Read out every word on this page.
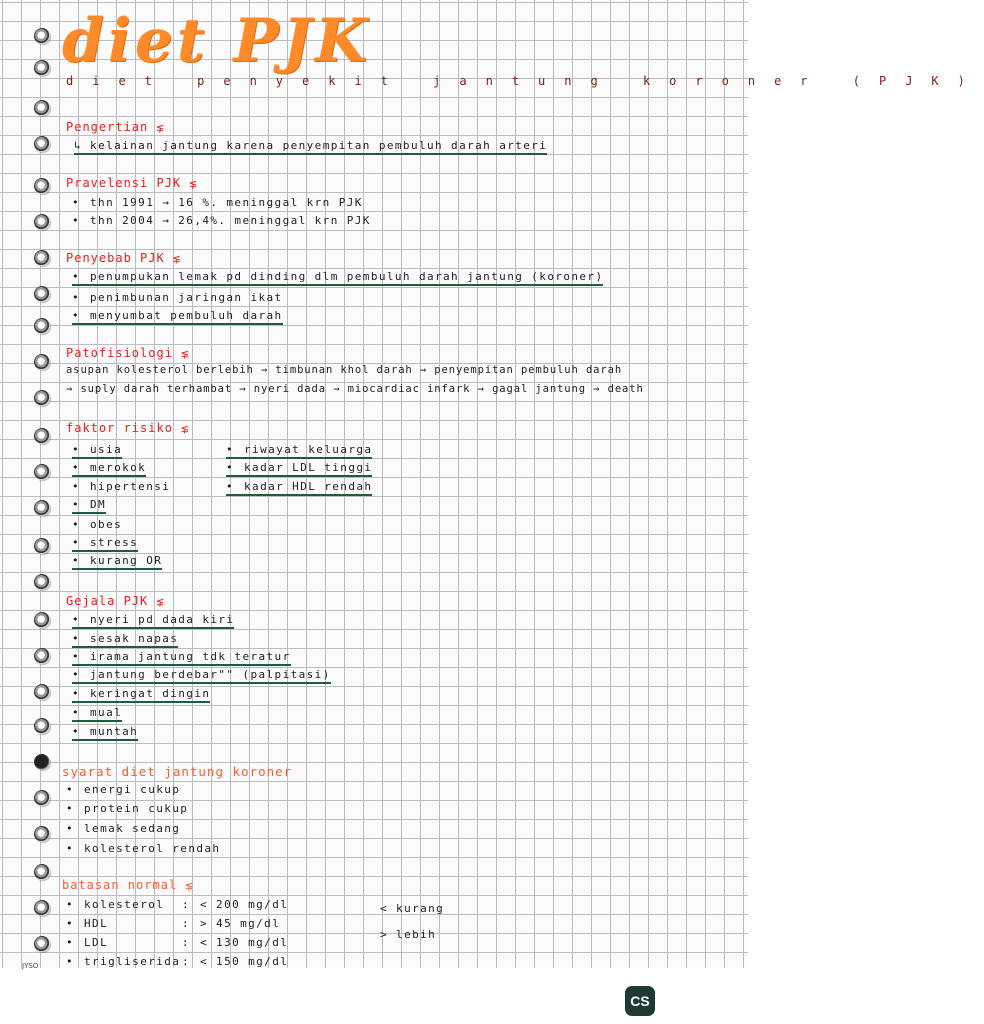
diet PJK
diet penyekit jantung koroner (PJK)
Pengertian ⋦
↳ kelainan jantung karena penyempitan pembuluh darah arteri
Pravelensi PJK ⋦
• thn 1991 → 16 %. meninggal krn PJK
• thn 2004 → 26,4%. meninggal krn PJK
Penyebab PJK ⋦
• penumpukan lemak pd dinding dlm pembuluh darah jantung (koroner)
• penimbunan jaringan ikat
• menyumbat pembuluh darah
Patofisiologi ⋦
asupan kolesterol berlebih → timbunan khol darah → penyempitan pembuluh darah
→ suply darah terhambat → nyeri dada → miocardiac infark → gagal jantung → death
faktor risiko ⋦
• usia
• merokok
• hipertensi
• DM
• obes
• stress
• kurang OR
• riwayat keluarga
• kadar LDL tinggi
• kadar HDL rendah
Gejala PJK ⋦
• nyeri pd dada kiri
• sesak napas
• irama jantung tdk teratur
• jantung berdebar"" (palpitasi)
• keringat dingin
• mual
• muntah
syarat diet jantung koroner
• energi cukup
• protein cukup
• lemak sedang
• kolesterol rendah
batasan normal ⋦
• kolesterol : < 200 mg/dl
• HDL	: > 45 mg/dl
• LDL	: < 130 mg/dl
• trigliserida : < 150 mg/dl
< kurang
> lebih
JYSO
CS
